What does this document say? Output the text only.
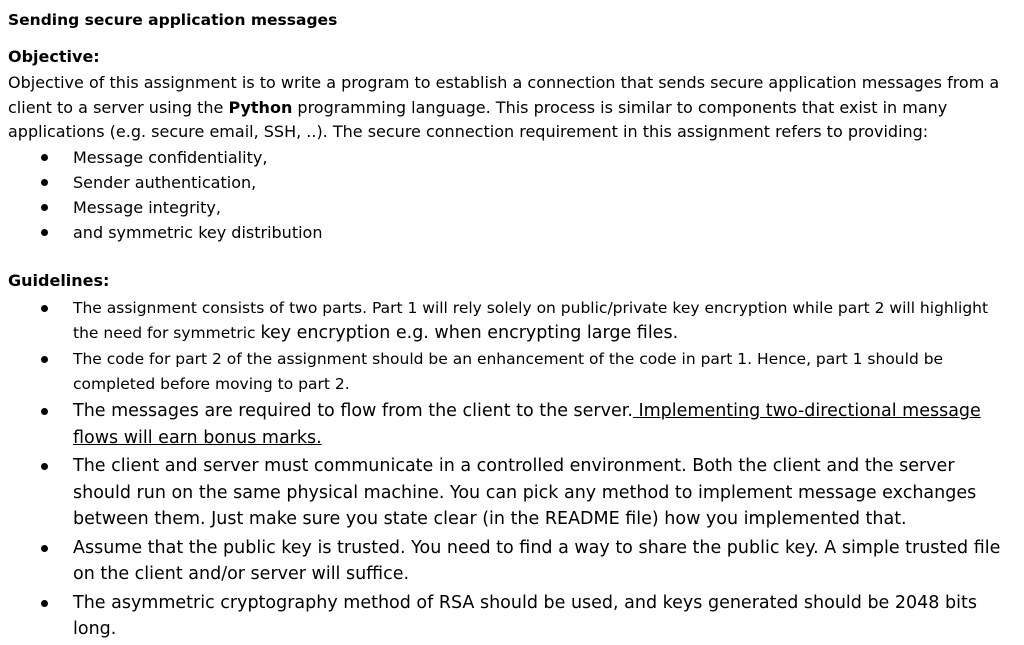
Sending secure application messages
Objective:
Objective of this assignment is to write a program to establish a connection that sends secure application messages from a client to a server using the Python programming language. This process is similar to components that exist in many applications (e.g. secure email, SSH, ..). The secure connection requirement in this assignment refers to providing:
Message confidentiality,
Sender authentication,
Message integrity,
and symmetric key distribution
Guidelines:
The assignment consists of two parts. Part 1 will rely solely on public/private key encryption while part 2 will highlight the need for symmetric key encryption e.g. when encrypting large files.
The code for part 2 of the assignment should be an enhancement of the code in part 1. Hence, part 1 should be completed before moving to part 2.
The messages are required to flow from the client to the server. Implementing two-directional message flows will earn bonus marks.
The client and server must communicate in a controlled environment. Both the client and the server should run on the same physical machine. You can pick any method to implement message exchanges between them. Just make sure you state clear (in the README file) how you implemented that.
Assume that the public key is trusted. You need to find a way to share the public key. A simple trusted file on the client and/or server will suffice.
The asymmetric cryptography method of RSA should be used, and keys generated should be 2048 bits long.
